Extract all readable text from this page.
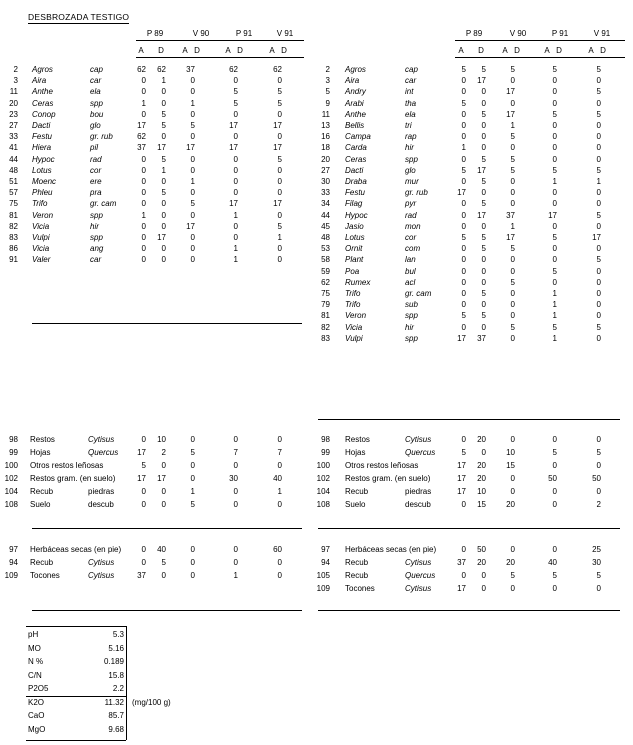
DESBROZADA TESTIGO
P 89	V 90	P 91	V 91
A D A D	A D	A D
2 Agros	cap	62	62	37	62	62
3 Aira	car	0	1	0	0	0
11 Anthe	ela	0	0	0	5	5
20 Ceras	spp	1	0	1	5	5
23 Conop	bou	0	5	0	0	0
27 Dacti	glo	17	5	5	17	17
33 Festu	gr. rub	62	0	0	0	0
41 Hiera	pil	37	17	17	17	17
44 Hypoc	rad	0	5	0	0	5
48 Lotus	cor	0	1	0	0	0
51 Moenc	ere	0	0	1	0	0
57 Phleu	pra	0	5	0	0	0
75 Trifo	gr. cam	0	0	5	17	17
81 Veron	spp	1	0	0	1	0
82 Vicia	hir	0	0	17	0	5
83 Vulpi	spp	0	17	0	0	1
86 Vicia	ang	0	0	0	1	0
91 Valer	car	0	0	0	1	0
P 89	V 90	P 91	V 91
A D A D	A D	A D
2 Agros	cap	5	5	5	5	5
3 Aira	car	0	17	0	0	0
5 Andry	int	0	0	17	0	5
9 Arabi	tha	5	0	0	0	0
11 Anthe	ela	0	5	17	5	5
13 Bellis	tri	0	0	1	0	0
16 Campa	rap	0	0	5	0	0
18 Carda	hir	1	0	0	0	0
20 Ceras	spp	0	5	5	0	0
27 Dacti	glo	5	17	5	5	5
30 Draba	mur	0	5	0	1	1
33 Festu	gr. rub	17	0	0	0	0
34 Filag	pyr	0	5	0	0	0
44 Hypoc	rad	0	17	37	17	5
45 Jasio	mon	0	0	1	0	0
48 Lotus	cor	5	5	17	5	17
53 Ornit	com	0	5	5	0	0
58 Plant	lan	0	0	0	0	5
59 Poa	bul	0	0	0	5	0
62 Rumex	acl	0	0	5	0	0
75 Trifo	gr. cam	0	5	0	1	0
79 Trifo	sub	0	0	0	1	0
81 Veron	spp	5	5	0	1	0
82 Vicia	hir	0	0	5	5	5
83 Vulpi	spp	17	37	0	1	0
98 Restos	Cytisus	0	10	0	0	0
99 Hojas	Quercus	17	2	5	7	7
100 Otros restos leñosas	5	0	0	0	0
102 Restos gram. (en suelo)	17	17	0	30	40
104 Recub	piedras	0	0	1	0	1
108 Suelo	descub	0	0	5	0	0
97 Herbáceas secas (en pie)	0	40	0	0	60
94 Recub	Cytisus	0	5	0	0	0
109 Tocones	Cytisus	37	0	0	1	0
98 Restos	Cytisus	0	20	0	0	0
99 Hojas	Quercus	5	0	10	5	5
100 Otros restos leñosas	17	20	15	0	0
102 Restos gram. (en suelo)	17	20	0	50	50
104 Recub	piedras	17	10	0	0	0
108 Suelo	descub	0	15	20	0	2
97 Herbáceas secas (en pie)	0	50	0	0	25
94 Recub	Cytisus	37	20	20	40	30
105 Recub	Quercus	0	0	5	5	5
109 Tocones	Cytisus	17	0	0	0	0
pH	5.3
MO	5.16
N %	0.189
C/N	15.8
P2O5	2.2
K2O	11.32 (mg/100 g)
CaO	85.7
MgO	9.68
